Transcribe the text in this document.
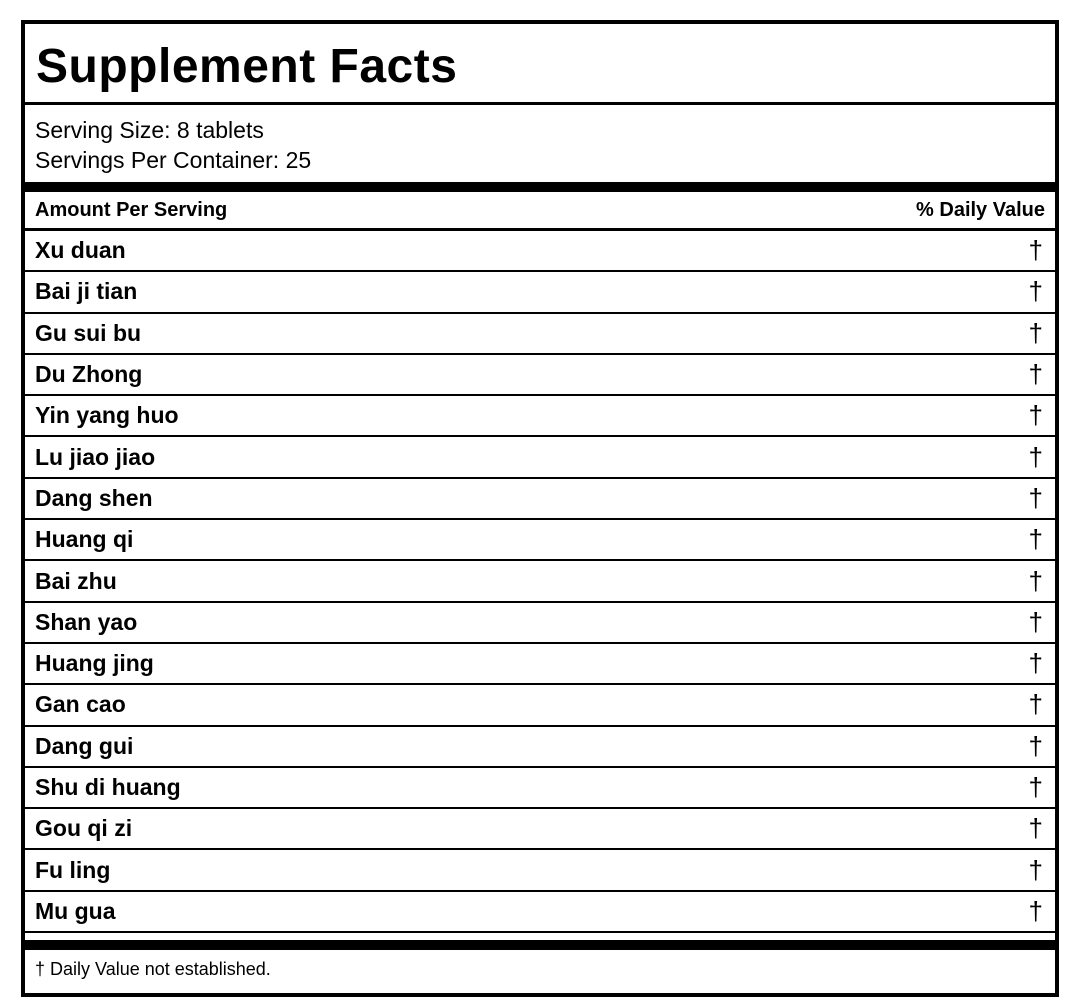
Supplement Facts
Serving Size: 8 tablets
Servings Per Container: 25
Amount Per Serving	% Daily Value
Xu duan	†
Bai ji tian	†
Gu sui bu	†
Du Zhong	†
Yin yang huo	†
Lu jiao jiao	†
Dang shen	†
Huang qi	†
Bai zhu	†
Shan yao	†
Huang jing	†
Gan cao	†
Dang gui	†
Shu di huang	†
Gou qi zi	†
Fu ling	†
Mu gua	†
† Daily Value not established.
